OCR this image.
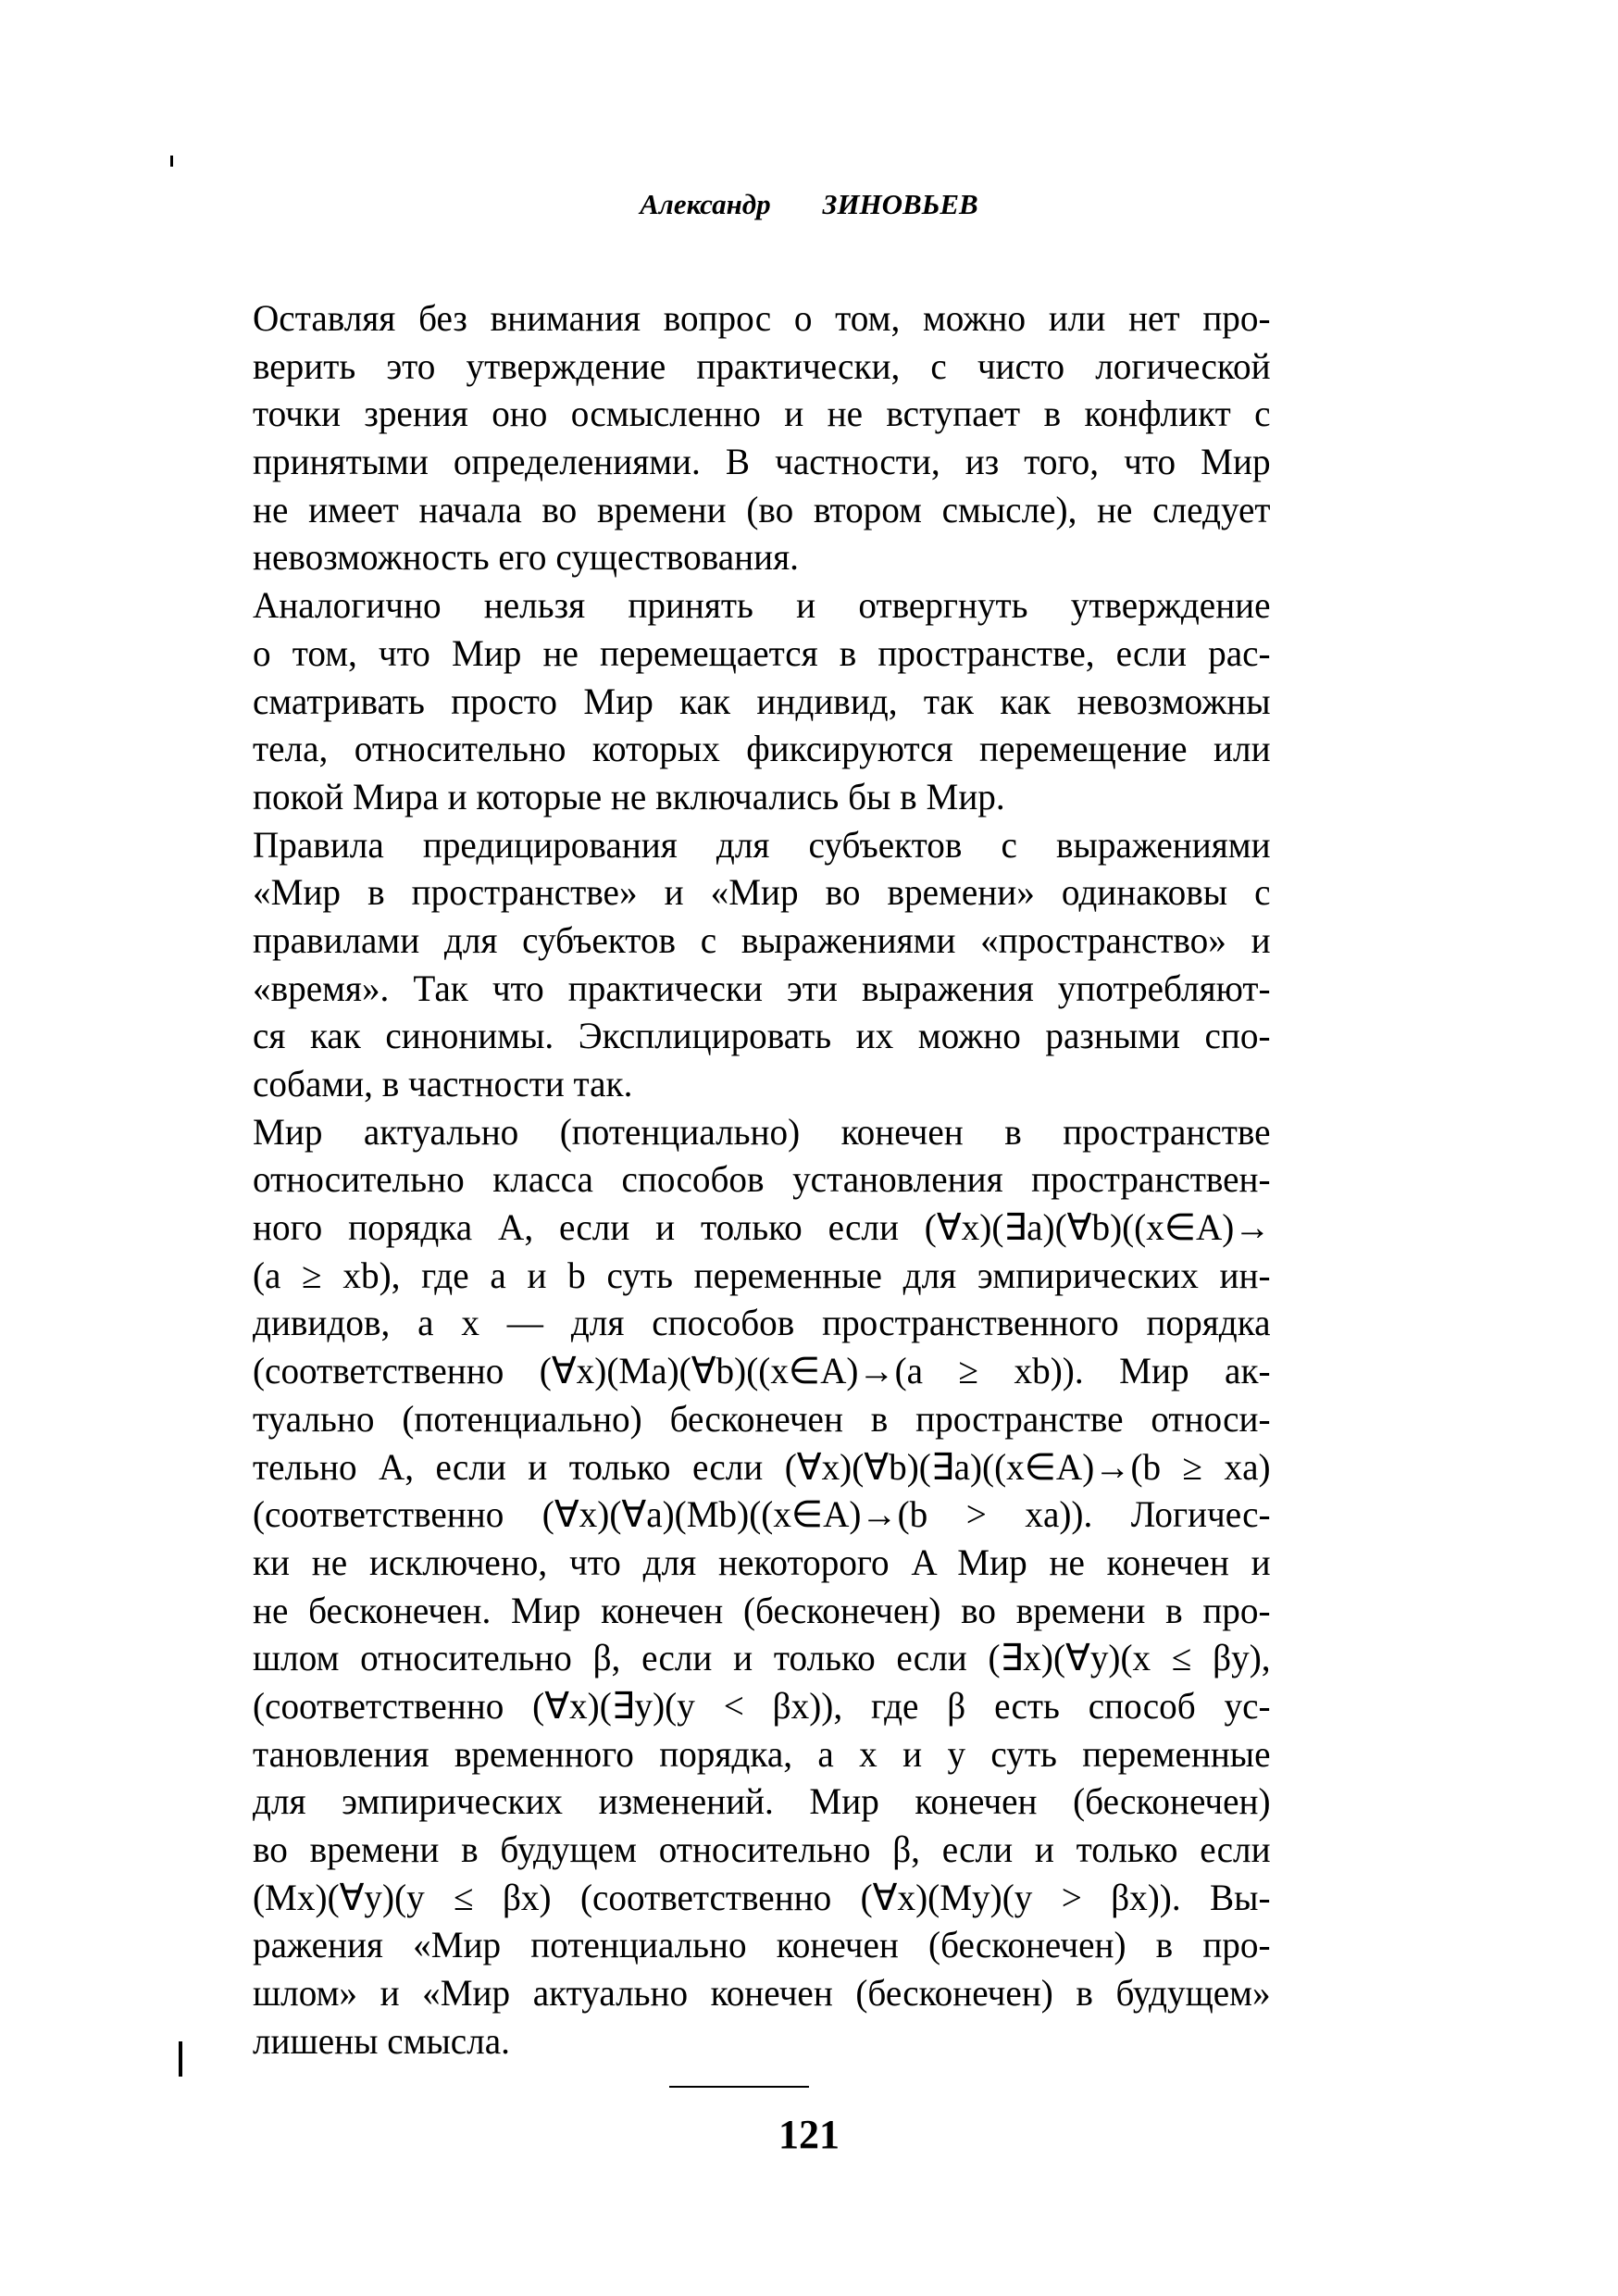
Александр ЗИНОВЬЕВ
Оставляя без внимания вопрос о том, можно или нет про-
верить это утверждение практически, с чисто логической
точки зрения оно осмысленно и не вступает в конфликт с
принятыми определениями. В частности, из того, что Мир
не имеет начала во времени (во втором смысле), не следует
невозможность его существования.
Аналогично нельзя принять и отвергнуть утверждение
о том, что Мир не перемещается в пространстве, если рас-
сматривать просто Мир как индивид, так как невозможны
тела, относительно которых фиксируются перемещение или
покой Мира и которые не включались бы в Мир.
Правила предицирования для субъектов с выражениями
«Мир в пространстве» и «Мир во времени» одинаковы с
правилами для субъектов с выражениями «пространство» и
«время». Так что практически эти выражения употребляют-
ся как синонимы. Эксплицировать их можно разными спо-
собами, в частности так.
Мир актуально (потенциально) конечен в пространстве
относительно класса способов установления пространствен-
ного порядка A, если и только если (∀x)(∃a)(∀b)((x∈A)→
(a ≥ xb), где a и b суть переменные для эмпирических ин-
дивидов, а x — для способов пространственного порядка
(соответственно (∀x)(Ma)(∀b)((x∈A)→(a ≥ xb)). Мир ак-
туально (потенциально) бесконечен в пространстве относи-
тельно A, если и только если (∀x)(∀b)(∃a)((x∈A)→(b ≥ xa)
(соответственно (∀x)(∀a)(Mb)((x∈A)→(b > xa)). Логичес-
ки не исключено, что для некоторого A Мир не конечен и
не бесконечен. Мир конечен (бесконечен) во времени в про-
шлом относительно β, если и только если (∃x)(∀y)(x ≤ βy),
(соответственно (∀x)(∃y)(y < βx)), где β есть способ ус-
тановления временного порядка, а x и y суть переменные
для эмпирических изменений. Мир конечен (бесконечен)
во времени в будущем относительно β, если и только если
(Mx)(∀y)(y ≤ βx) (соответственно (∀x)(My)(y > βx)). Вы-
ражения «Мир потенциально конечен (бесконечен) в про-
шлом» и «Мир актуально конечен (бесконечен) в будущем»
лишены смысла.
121
